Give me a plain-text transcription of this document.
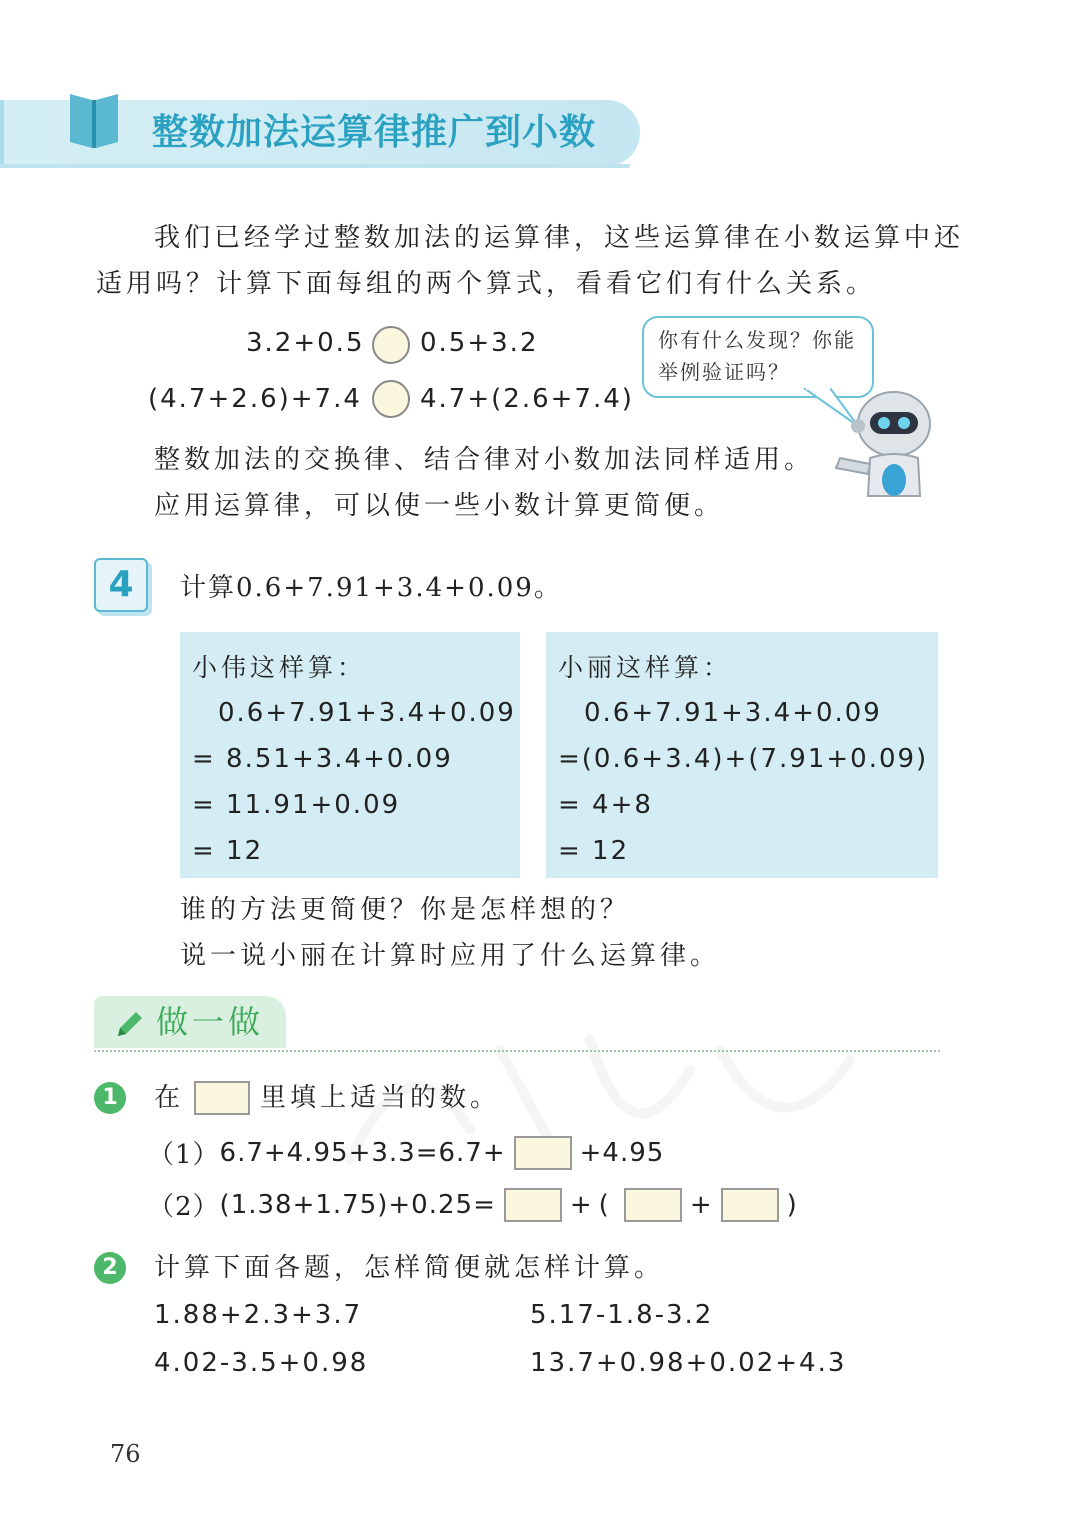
整数加法运算律推广到小数
我们已经学过整数加法的运算律，这些运算律在小数运算中还
适用吗？计算下面每组的两个算式，看看它们有什么关系。
3.2+0.5 0.5+3.2
(4.7+2.6)+7.4 4.7+(2.6+7.4)
你有什么发现？你能
举例验证吗？
整数加法的交换律、结合律对小数加法同样适用。
应用运算律，可以使一些小数计算更简便。
4	计算0.6+7.91+3.4+0.09。
小伟这样算：
0.6+7.91+3.4+0.09
= 8.51+3.4+0.09
= 11.91+0.09
= 12
小丽这样算：
0.6+7.91+3.4+0.09
=(0.6+3.4)+(7.91+0.09)
= 4+8
= 12
谁的方法更简便？你是怎样想的？
说一说小丽在计算时应用了什么运算律。
做一做
1	在	里填上适当的数。
（1） 6.7+4.95+3.3=6.7+	+4.95
（2） (1.38+1.75)+0.25=	+ (	+	)
2	计算下面各题，怎样简便就怎样计算。
1.88+2.3+3.7	5.17-1.8-3.2
4.02-3.5+0.98	13.7+0.98+0.02+4.3
76
